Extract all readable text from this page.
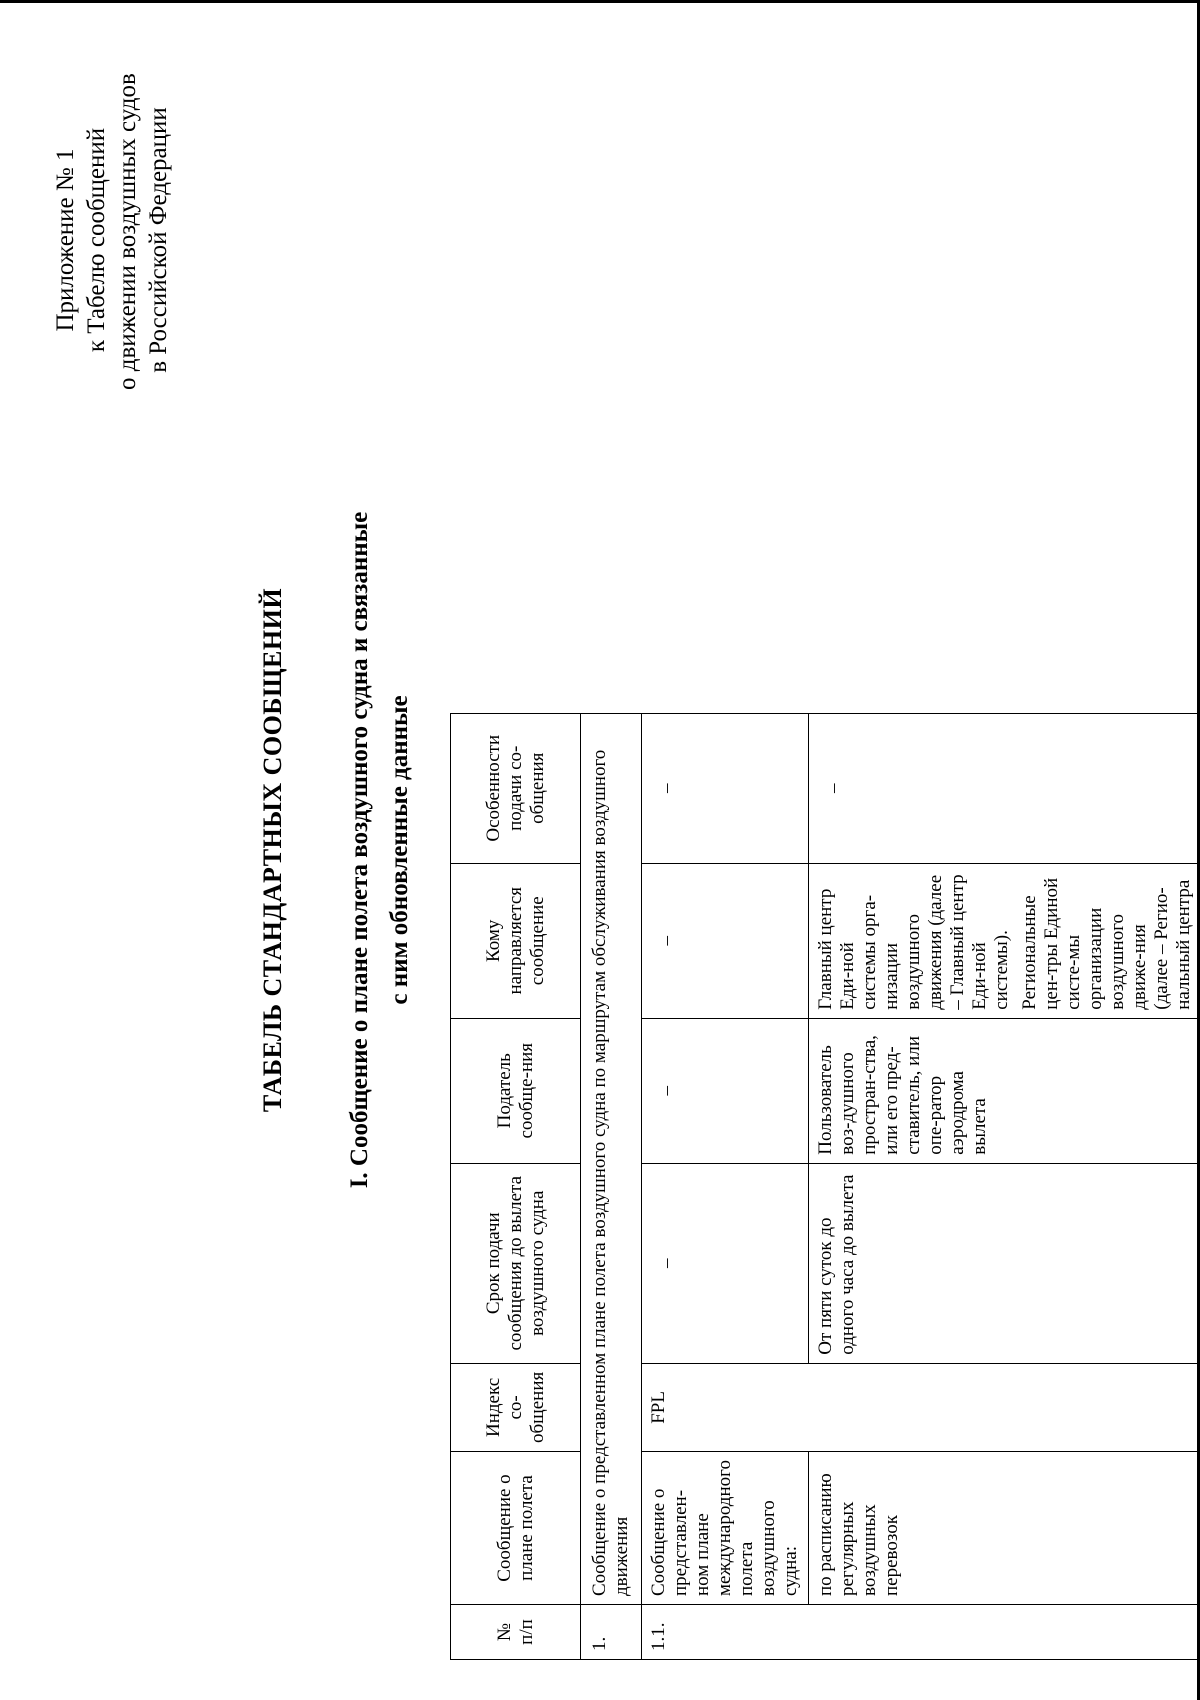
Приложение № 1 к Табелю сообщений о движении воздушных судов в Российской Федерации
ТАБЕЛЬ СТАНДАРТНЫХ СООБЩЕНИЙ I. Сообщение о плане полета воздушного судна и связанные с ним обновленные данные
№ п/п	Сообщение о плане полета	Индекс со-общения	Срок подачи сообщения до вылета воздушного судна	Податель сообще-ния	Кому направляется сообщение	Особенности подачи со-общения
1.	Сообщение о представленном плане полета воздушного судна по маршрутам обслуживания воздушного движения					
1.1.	Сообщение о представлен-ном плане международного полета воздушного судна:	FPL	–	–	–	–
	по расписанию регулярных воздушных перевозок		От пяти суток до одного часа до вылета	Пользователь воз-душного простран-ства, или его пред-ставитель, или опе-ратор аэродрома вылета	Главный центр Еди-ной системы орга-низации воздушного движения (далее – Главный центр Еди-ной системы). Региональные цен-тры Единой систе-мы организации воздушного движе-ния (далее – Регио-нальный центра	–
